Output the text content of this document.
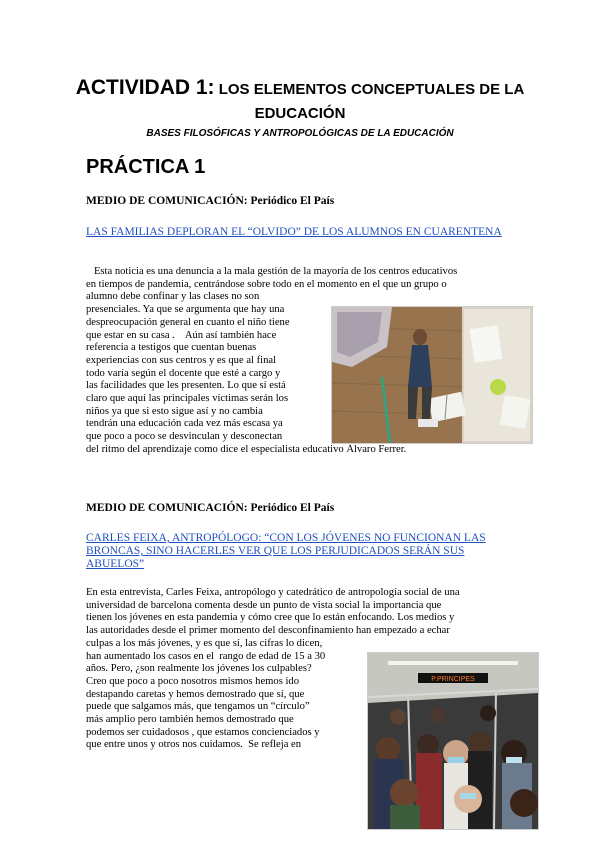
ACTIVIDAD 1: LOS ELEMENTOS CONCEPTUALES DE LA EDUCACIÓN
BASES FILOSÓFICAS Y ANTROPOLÓGICAS DE LA EDUCACIÓN
PRÁCTICA 1
MEDIO DE COMUNICACIÓN: Periódico El País
LAS FAMILIAS DEPLORAN EL “OLVIDO” DE LOS ALUMNOS EN CUARENTENA
Esta noticia es una denuncia a la mala gestión de la mayoría de los centros educativos
en tiempos de pandemia, centrándose sobre todo en el momento en el que un grupo o
alumno debe confinar y las clases no son
presenciales. Ya que se argumenta que hay una
despreocupación general en cuanto el niño tiene
que estar en su casa .    Aún así también hace
referencia a testigos que cuentan buenas
experiencias con sus centros y es que al final
todo varía según el docente que esté a cargo y
las facilidades que les presenten. Lo que sí está
claro que aquí las principales víctimas serán los
niños ya que si esto sigue así y no cambia
tendrán una educación cada vez más escasa ya
que poco a poco se desvinculan y desconectan
del ritmo del aprendizaje como dice el especialista educativo Álvaro Ferrer.
MEDIO DE COMUNICACIÓN: Periódico El País
CARLES FEIXA, ANTROPÓLOGO: “CON LOS JÓVENES NO FUNCIONAN LAS BRONCAS, SINO HACERLES VER QUE LOS PERJUDICADOS SERÁN SUS ABUELOS”
En esta entrevista, Carles Feixa, antropólogo y catedrático de antropología social de una
universidad de barcelona comenta desde un punto de vista social la importancia que
tienen los jóvenes en esta pandemia y cómo cree que lo están enfocando. Los medios y
las autoridades desde el primer momento del desconfinamiento han empezado a echar
culpas a los más jóvenes, y es que sí, las cifras lo dicen,
han aumentado los casos en el  rango de edad de 15 a 30
años. Pero, ¿son realmente los jóvenes los culpables?
Creo que poco a poco nosotros mismos hemos ido
destapando caretas y hemos demostrado que sí, que
puede que salgamos más, que tengamos un “círculo”
más amplio pero también hemos demostrado que
podemos ser cuidadosos , que estamos concienciados y
que entre unos y otros nos cuidamos.  Se refleja en
P.PRINCIPES
